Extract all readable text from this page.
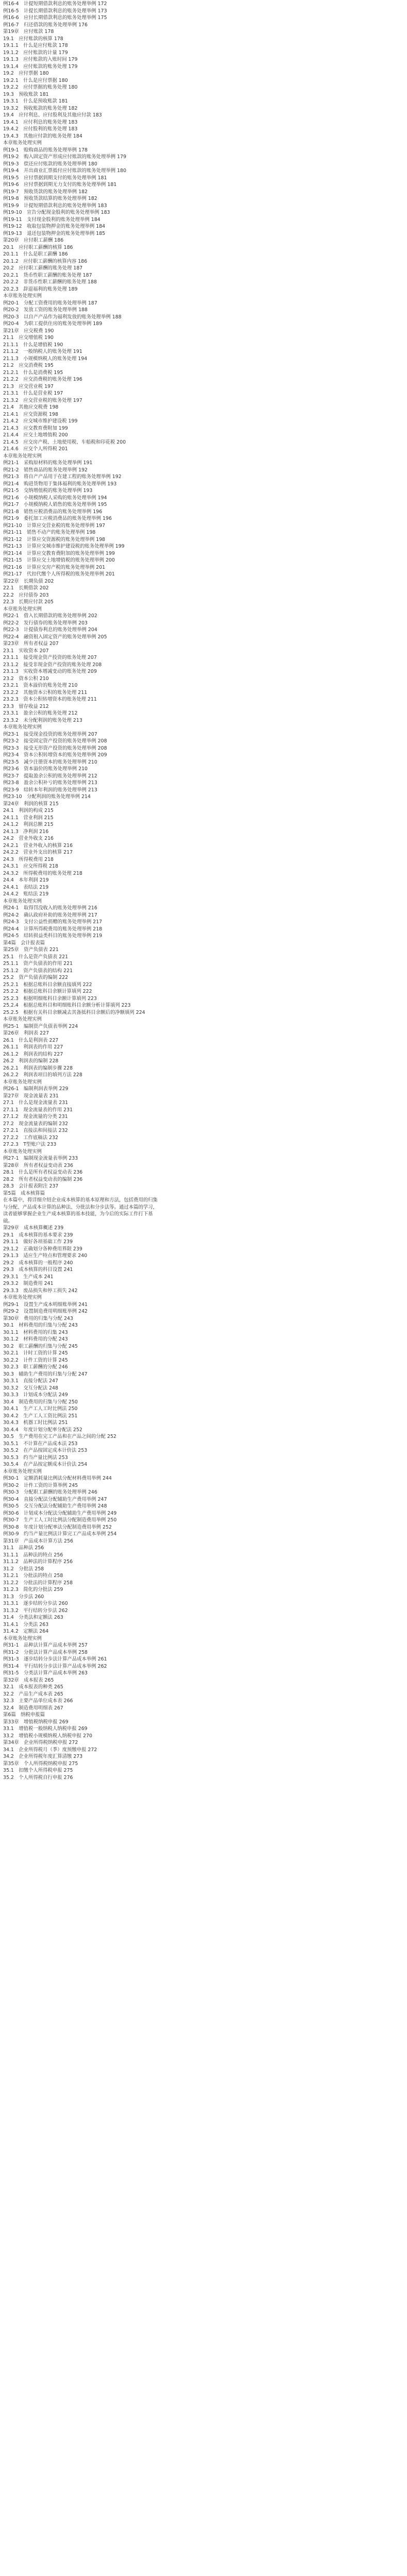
例16-4　计提短期借款利息的账务处理举例 172
例16-5　计提长期借款利息的账务处理举例 173
例16-6　应付长期借款利息的账务处理举例 175
例16-7　归还借款的账务处理举例 176
第19章　应付账款 178
19.1　应付账款的核算 178
19.1.1　什么是应付账款 178
19.1.2　应付账款的计量 179
19.1.3　应付账款的入账时间 179
19.1.4　应付账款的账务处理 179
19.2　应付票据 180
19.2.1　什么是应付票据 180
19.2.2　应付票据的账务处理 180
19.3　预收账款 181
19.3.1　什么是预收账款 181
19.3.2　预收账款的账务处理 182
19.4　应付利息、应付股利及其他应付款 183
19.4.1　应付利息的账务处理 183
19.4.2　应付股利的账务处理 183
19.4.3　其他应付款的账务处理 184
本章账务处理实例
例19-1　赊购商品的账务处理举例 178
例19-2　购入固定资产形成应付账款的账务处理举例 179
例19-3　偿还应付账款的账务处理举例 180
例19-4　开出商业汇票抵付应付账款的账务处理举例 180
例19-5　应付票据到期支付的账务处理举例 181
例19-6　应付票据到期无力支付的账务处理举例 181
例19-7　预收货款的账务处理举例 182
例19-8　预收货款结算的账务处理举例 182
例19-9　计提短期借款利息的账务处理举例 183
例19-10　宣告分配现金股利的账务处理举例 183
例19-11　支付现金股利的账务处理举例 184
例19-12　收取包装物押金的账务处理举例 184
例19-13　退还包装物押金的账务处理举例 185
第20章　应付职工薪酬 186
20.1　应付职工薪酬的核算 186
20.1.1　什么是职工薪酬 186
20.1.2　应付职工薪酬的核算内容 186
20.2　应付职工薪酬的账务处理 187
20.2.1　货币性职工薪酬的账务处理 187
20.2.2　非货币性职工薪酬的账务处理 188
20.2.3　辞退福利的账务处理 189
本章账务处理实例
例20-1　分配工资费用的账务处理举例 187
例20-2　发放工资的账务处理举例 188
例20-3　以自产产品作为福利发放的账务处理举例 188
例20-4　为职工提供住房的账务处理举例 189
第21章　应交税费 190
21.1　应交增值税 190
21.1.1　什么是增值税 190
21.1.2　一般纳税人的账务处理 191
21.1.3　小规模纳税人的账务处理 194
21.2　应交消费税 195
21.2.1　什么是消费税 195
21.2.2　应交消费税的账务处理 196
21.3　应交营业税 197
21.3.1　什么是营业税 197
21.3.2　应交营业税的账务处理 197
21.4　其他应交税费 198
21.4.1　应交资源税 198
21.4.2　应交城市维护建设税 199
21.4.3　应交教育费附加 199
21.4.4　应交土地增值税 200
21.4.5　应交房产税、土地使用税、车船税和印花税 200
21.4.6　应交个人所得税 201
本章账务处理实例
例21-1　采购原材料的账务处理举例 191
例21-2　销售商品的账务处理举例 192
例21-3　将自产产品用于在建工程的账务处理举例 192
例21-4　购进货物用于集体福利的账务处理举例 193
例21-5　交纳增值税的账务处理举例 193
例21-6　小规模纳税人采购的账务处理举例 194
例21-7　小规模纳税人销售的账务处理举例 195
例21-8　销售应税消费品的账务处理举例 196
例21-9　委托加工应税消费品的账务处理举例 196
例21-10　计算应交营业税的账务处理举例 197
例21-11　销售不动产的账务处理举例 198
例21-12　计算应交资源税的账务处理举例 198
例21-13　计算应交城市维护建设税的账务处理举例 199
例21-14　计算应交教育费附加的账务处理举例 199
例21-15　计算应交土地增值税的账务处理举例 200
例21-16　计算应交房产税的账务处理举例 201
例21-17　代扣代缴个人所得税的账务处理举例 201
第22章　长期负债 202
22.1　长期借款 202
22.2　应付债券 203
22.3　长期应付款 205
本章账务处理实例
例22-1　借入长期借款的账务处理举例 202
例22-2　发行债券的账务处理举例 203
例22-3　计提债券利息的账务处理举例 204
例22-4　融资租入固定资产的账务处理举例 205
第23章　所有者权益 207
23.1　实收资本 207
23.1.1　接受现金资产投资的账务处理 207
23.1.2　接受非现金资产投资的账务处理 208
23.1.3　实收资本增减变动的账务处理 209
23.2　资本公积 210
23.2.1　资本溢价的账务处理 210
23.2.2　其他资本公积的账务处理 211
23.2.3　资本公积转增资本的账务处理 211
23.3　留存收益 212
23.3.1　盈余公积的账务处理 212
23.3.2　未分配利润的账务处理 213
本章账务处理实例
例23-1　接受现金投资的账务处理举例 207
例23-2　接受固定资产投资的账务处理举例 208
例23-3　接受无形资产投资的账务处理举例 208
例23-4　资本公积转增资本的账务处理举例 209
例23-5　减少注册资本的账务处理举例 210
例23-6　资本溢价的账务处理举例 210
例23-7　提取盈余公积的账务处理举例 212
例23-8　盈余公积补亏的账务处理举例 213
例23-9　结转本年利润的账务处理举例 213
例23-10　分配利润的账务处理举例 214
第24章　利润的核算 215
24.1　利润的构成 215
24.1.1　营业利润 215
24.1.2　利润总额 215
24.1.3　净利润 216
24.2　营业外收支 216
24.2.1　营业外收入的核算 216
24.2.2　营业外支出的核算 217
24.3　所得税费用 218
24.3.1　应交所得税 218
24.3.2　所得税费用的账务处理 218
24.4　本年利润 219
24.4.1　表结法 219
24.4.2　账结法 219
本章账务处理实例
例24-1　取得罚没收入的账务处理举例 216
例24-2　确认政府补助的账务处理举例 217
例24-3　支付公益性捐赠的账务处理举例 217
例24-4　计算所得税费用的账务处理举例 218
例24-5　结转损益类科目的账务处理举例 219
第4篇　会计报表篇
第25章　资产负债表 221
25.1　什么是资产负债表 221
25.1.1　资产负债表的作用 221
25.1.2　资产负债表的结构 221
25.2　资产负债表的编制 222
25.2.1　根据总账科目余额直接填列 222
25.2.2　根据总账科目余额计算填列 222
25.2.3　根据明细账科目余额计算填列 223
25.2.4　根据总账科目和明细账科目余额分析计算填列 223
25.2.5　根据有关科目余额减去其备抵科目余额后的净额填列 224
本章账务处理实例
例25-1　编制资产负债表举例 224
第26章　利润表 227
26.1　什么是利润表 227
26.1.1　利润表的作用 227
26.1.2　利润表的结构 227
26.2　利润表的编制 228
26.2.1　利润表的编制步骤 228
26.2.2　利润表项目的填列方法 228
本章账务处理实例
例26-1　编制利润表举例 229
第27章　现金流量表 231
27.1　什么是现金流量表 231
27.1.1　现金流量表的作用 231
27.1.2　现金流量的分类 231
27.2　现金流量表的编制 232
27.2.1　直接法和间接法 232
27.2.2　工作底稿法 232
27.2.3　T型账户法 233
本章账务处理实例
例27-1　编制现金流量表举例 233
第28章　所有者权益变动表 236
28.1　什么是所有者权益变动表 236
28.2　所有者权益变动表的编制 236
28.3　会计报表附注 237
第5篇　成本核算篇
在本篇中，将详细介绍企业成本核算的基本原理和方法，包括费用的归集与分配、产品成本计算的品种法、分批法和分步法等。通过本篇的学习，读者能够掌握企业生产成本核算的基本技能，为今后的实际工作打下基础。
第29章　成本核算概述 239
29.1　成本核算的基本要求 239
29.1.1　做好各项基础工作 239
29.1.2　正确划分各种费用界限 239
29.1.3　适应生产特点和管理要求 240
29.2　成本核算的一般程序 240
29.3　成本核算的科目设置 241
29.3.1　生产成本 241
29.3.2　制造费用 241
29.3.3　废品损失和停工损失 242
本章账务处理实例
例29-1　设置生产成本明细账举例 241
例29-2　设置制造费用明细账举例 242
第30章　费用的归集与分配 243
30.1　材料费用的归集与分配 243
30.1.1　材料费用的归集 243
30.1.2　材料费用的分配 243
30.2　职工薪酬的归集与分配 245
30.2.1　计时工资的计算 245
30.2.2　计件工资的计算 245
30.2.3　职工薪酬的分配 246
30.3　辅助生产费用的归集与分配 247
30.3.1　直接分配法 247
30.3.2　交互分配法 248
30.3.3　计划成本分配法 249
30.4　制造费用的归集与分配 250
30.4.1　生产工人工时比例法 250
30.4.2　生产工人工资比例法 251
30.4.3　机器工时比例法 251
30.4.4　年度计划分配率分配法 252
30.5　生产费用在完工产品和在产品之间的分配 252
30.5.1　不计算在产品成本法 253
30.5.2　在产品按固定成本计价法 253
30.5.3　约当产量比例法 253
30.5.4　在产品按定额成本计价法 254
本章账务处理实例
例30-1　定额消耗量比例法分配材料费用举例 244
例30-2　计件工资的计算举例 245
例30-3　分配职工薪酬的账务处理举例 246
例30-4　直接分配法分配辅助生产费用举例 247
例30-5　交互分配法分配辅助生产费用举例 248
例30-6　计划成本分配法分配辅助生产费用举例 249
例30-7　生产工人工时比例法分配制造费用举例 250
例30-8　年度计划分配率法分配制造费用举例 252
例30-9　约当产量比例法计算完工产品成本举例 254
第31章　产品成本计算方法 256
31.1　品种法 256
31.1.1　品种法的特点 256
31.1.2　品种法的计算程序 256
31.2　分批法 258
31.2.1　分批法的特点 258
31.2.2　分批法的计算程序 258
31.2.3　简化的分批法 259
31.3　分步法 260
31.3.1　逐步结转分步法 260
31.3.2　平行结转分步法 262
31.4　分类法和定额法 263
31.4.1　分类法 263
31.4.2　定额法 264
本章账务处理实例
例31-1　品种法计算产品成本举例 257
例31-2　分批法计算产品成本举例 258
例31-3　逐步结转分步法计算产品成本举例 261
例31-4　平行结转分步法计算产品成本举例 262
例31-5　分类法计算产品成本举例 263
第32章　成本报表 265
32.1　成本报表的种类 265
32.2　产品生产成本表 265
32.3　主要产品单位成本表 266
32.4　制造费用明细表 267
第6篇　纳税申报篇
第33章　增值税纳税申报 269
33.1　增值税一般纳税人纳税申报 269
33.2　增值税小规模纳税人纳税申报 270
第34章　企业所得税纳税申报 272
34.1　企业所得税月（季）度预缴申报 272
34.2　企业所得税年度汇算清缴 273
第35章　个人所得税纳税申报 275
35.1　扣缴个人所得税申报 275
35.2　个人所得税自行申报 276
